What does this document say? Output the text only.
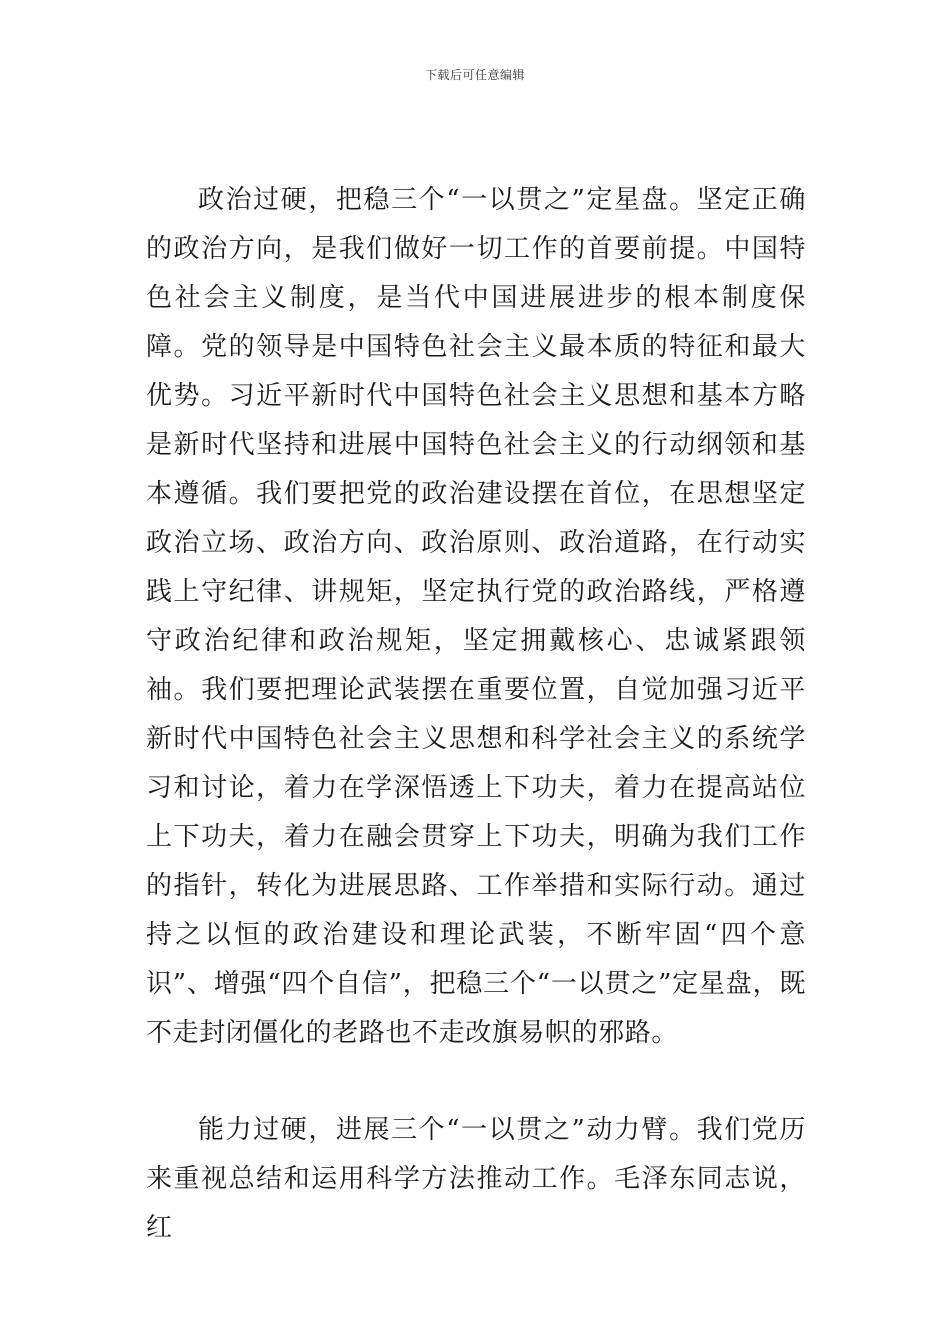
下载后可任意编辑

政治过硬，把稳三个“一以贯之”定星盘。坚定正确的政治方向，是我们做好一切工作的首要前提。中国特色社会主义制度，是当代中国进展进步的根本制度保障。党的领导是中国特色社会主义最本质的特征和最大优势。习近平新时代中国特色社会主义思想和基本方略是新时代坚持和进展中国特色社会主义的行动纲领和基本遵循。我们要把党的政治建设摆在首位，在思想坚定政治立场、政治方向、政治原则、政治道路，在行动实践上守纪律、讲规矩，坚定执行党的政治路线，严格遵守政治纪律和政治规矩，坚定拥戴核心、忠诚紧跟领袖。我们要把理论武装摆在重要位置，自觉加强习近平新时代中国特色社会主义思想和科学社会主义的系统学习和讨论，着力在学深悟透上下功夫，着力在提高站位上下功夫，着力在融会贯穿上下功夫，明确为我们工作的指针，转化为进展思路、工作举措和实际行动。通过持之以恒的政治建设和理论武装，不断牢固“四个意识”、增强“四个自信”，把稳三个“一以贯之”定星盘，既不走封闭僵化的老路也不走改旗易帜的邪路。

能力过硬，进展三个“一以贯之”动力臂。我们党历来重视总结和运用科学方法推动工作。毛泽东同志说，红
